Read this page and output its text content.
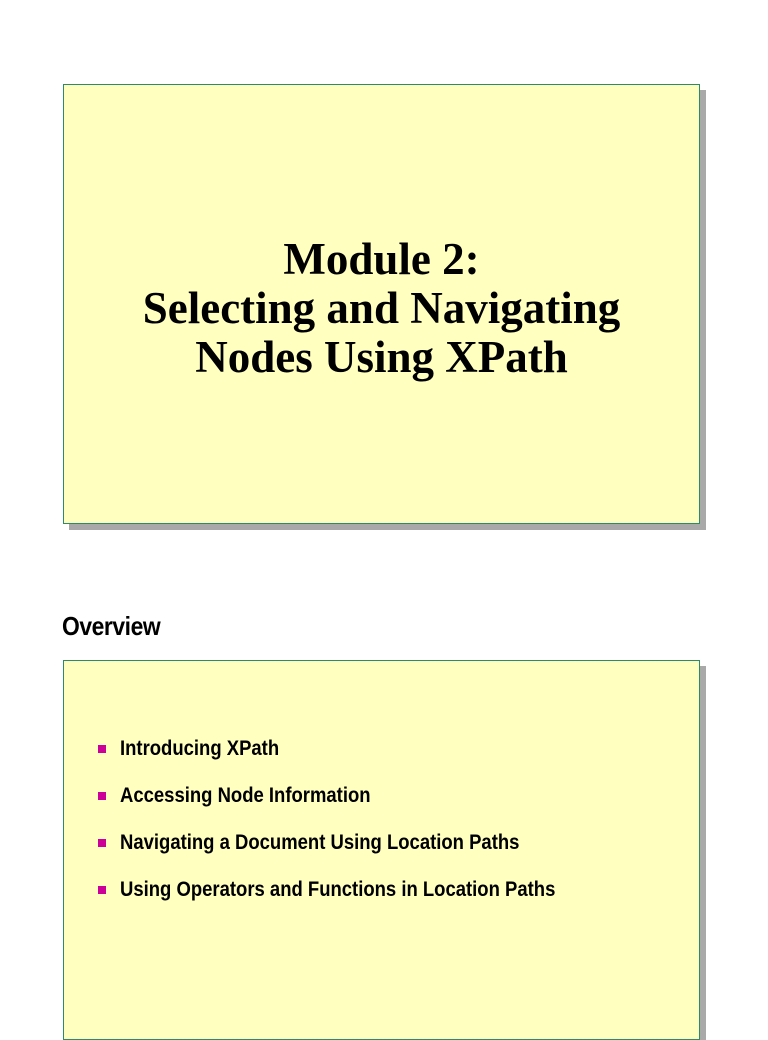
Module 2:
Selecting and Navigating
Nodes Using XPath
Overview
Introducing XPath
Accessing Node Information
Navigating a Document Using Location Paths
Using Operators and Functions in Location Paths
